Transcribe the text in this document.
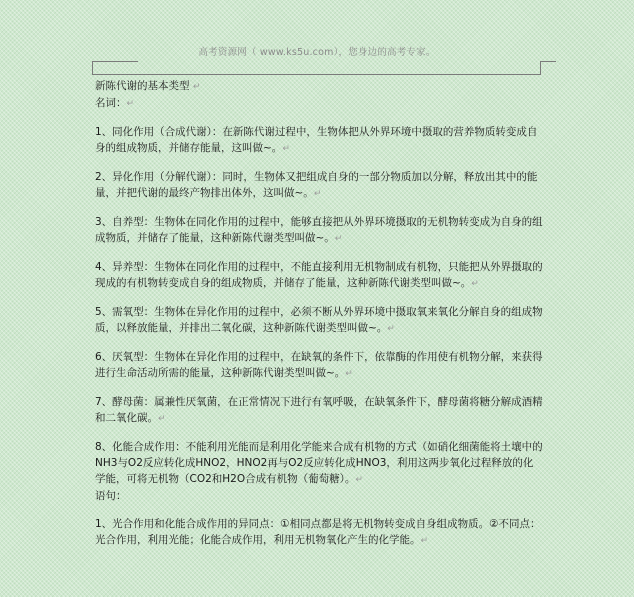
高考资源网（ www.ks5u.com），您身边的高考专家。

新陈代谢的基本类型 ↵

名词：↵

1、同化作用（合成代谢）：在新陈代谢过程中，生物体把从外界环境中摄取的营养物质转变成自身的组成物质，并储存能量，这叫做~。↵

2、异化作用（分解代谢）：同时，生物体又把组成自身的一部分物质加以分解，释放出其中的能量，并把代谢的最终产物排出体外，这叫做~。↵

3、自养型：生物体在同化作用的过程中，能够直接把从外界环境摄取的无机物转变成为自身的组成物质，并储存了能量，这种新陈代谢类型叫做~。↵

4、异养型：生物体在同化作用的过程中，不能直接利用无机物制成有机物，只能把从外界摄取的现成的有机物转变成自身的组成物质，并储存了能量，这种新陈代谢类型叫做~。↵

5、需氧型：生物体在异化作用的过程中，必须不断从外界环境中摄取氧来氧化分解自身的组成物质，以释放能量，并排出二氧化碳，这种新陈代谢类型叫做~。↵

6、厌氧型：生物体在异化作用的过程中，在缺氧的条件下，依靠酶的作用使有机物分解，来获得进行生命活动所需的能量，这种新陈代谢类型叫做~。↵

7、酵母菌：属兼性厌氧菌，在正常情况下进行有氧呼吸，在缺氧条件下，酵母菌将糖分解成酒精和二氧化碳。↵

8、化能合成作用：不能利用光能而是利用化学能来合成有机物的方式（如硝化细菌能将土壤中的NH3与O2反应转化成HNO2，HNO2再与O2反应转化成HNO3，利用这两步氧化过程释放的化学能，可将无机物（CO2和H2O合成有机物（葡萄糖）。↵

语句：

1、光合作用和化能合成作用的异同点：①相同点都是将无机物转变成自身组成物质。②不同点：光合作用，利用光能；化能合成作用，利用无机物氧化产生的化学能。↵
